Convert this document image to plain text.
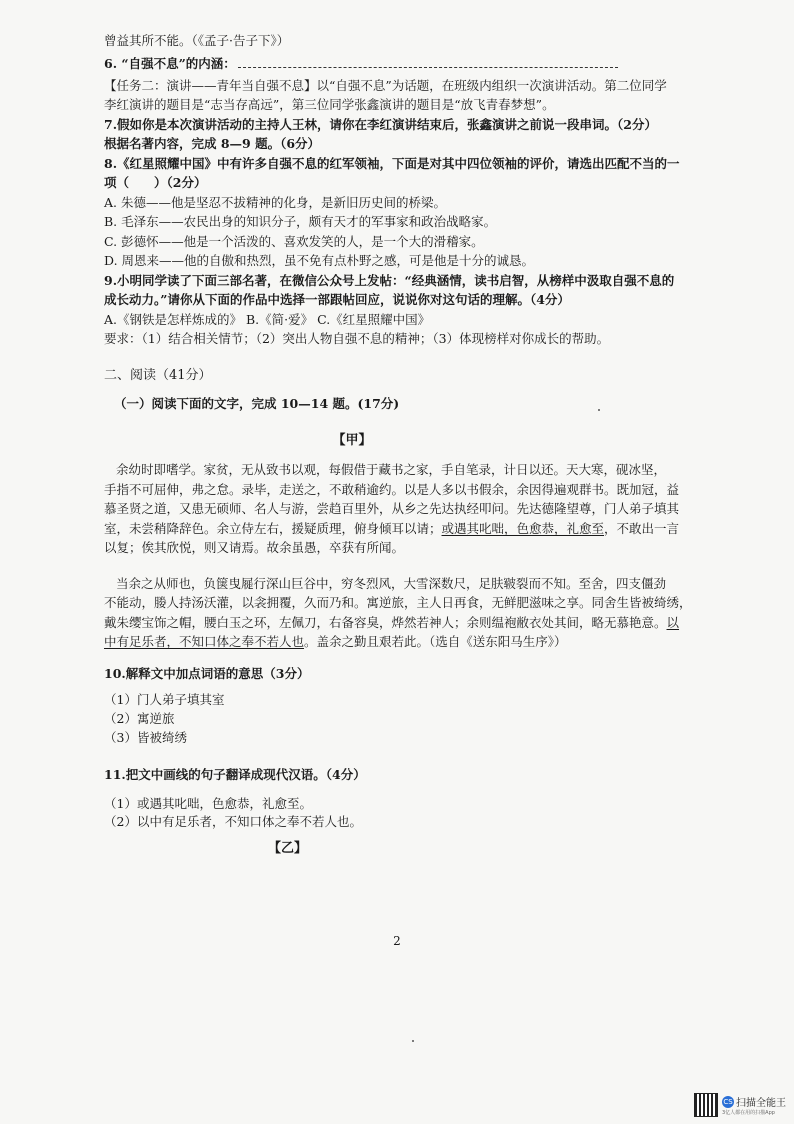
曾益其所不能。（《孟子·告子下》）
6. “自强不息”的内涵：
【任务二：演讲——青年当自强不息】以“自强不息”为话题，在班级内组织一次演讲活动。第二位同学
李红演讲的题目是“志当存高远”，第三位同学张鑫演讲的题目是“放飞青春梦想”。
7.假如你是本次演讲活动的主持人王林，请你在李红演讲结束后，张鑫演讲之前说一段串词。（2分）
根据名著内容，完成 8—9 题。（6分）
8.《红星照耀中国》中有许多自强不息的红军领袖，下面是对其中四位领袖的评价，请选出匹配不当的一
项（　　）（2分）
A. 朱德——他是坚忍不拔精神的化身，是新旧历史间的桥梁。
B. 毛泽东——农民出身的知识分子，颇有天才的军事家和政治战略家。
C. 彭德怀——他是一个活泼的、喜欢发笑的人，是一个大的滑稽家。
D. 周恩来——他的自傲和热烈，虽不免有点朴野之感，可是他是十分的诚恳。
9.小明同学读了下面三部名著，在微信公众号上发帖：“经典涵情，读书启智，从榜样中汲取自强不息的
成长动力。”请你从下面的作品中选择一部跟帖回应，说说你对这句话的理解。（4分）
A.《钢铁是怎样炼成的》 B.《简·爱》 C.《红星照耀中国》
要求：（1）结合相关情节；（2）突出人物自强不息的精神；（3）体现榜样对你成长的帮助。
二、阅读（41分）
（一）阅读下面的文字，完成 10—14 题。(17分)
【甲】
余幼时即嗜学。家贫，无从致书以观，每假借于藏书之家，手自笔录，计日以还。天大寒，砚冰坚，
手指不可屈伸，弗之怠。录毕，走送之，不敢稍逾约。以是人多以书假余，余因得遍观群书。既加冠，益
慕圣贤之道，又患无硕师、名人与游，尝趋百里外，从乡之先达执经叩问。先达德隆望尊，门人弟子填其
室，未尝稍降辞色。余立侍左右，援疑质理，俯身倾耳以请；或遇其叱咄，色愈恭，礼愈至，不敢出一言
以复；俟其欣悦，则又请焉。故余虽愚，卒获有所闻。
当余之从师也，负箧曳屣行深山巨谷中，穷冬烈风，大雪深数尺，足肤皲裂而不知。至舍，四支僵劲
不能动，媵人持汤沃灌，以衾拥覆，久而乃和。寓逆旅，主人日再食，无鲜肥滋味之享。同舍生皆被绮绣，
戴朱缨宝饰之帽，腰白玉之环，左佩刀，右备容臭，烨然若神人；余则缊袍敝衣处其间，略无慕艳意。以
中有足乐者，不知口体之奉不若人也。盖余之勤且艰若此。（选自《送东阳马生序》）
10.解释文中加点词语的意思（3分）
（1）门人弟子填其室
（2）寓逆旅
（3）皆被绮绣
11.把文中画线的句子翻译成现代汉语。（4分）
（1）或遇其叱咄，色愈恭，礼愈至。
（2）以中有足乐者，不知口体之奉不若人也。
【乙】
2
CS 扫描全能王
3亿人都在用的扫描App
